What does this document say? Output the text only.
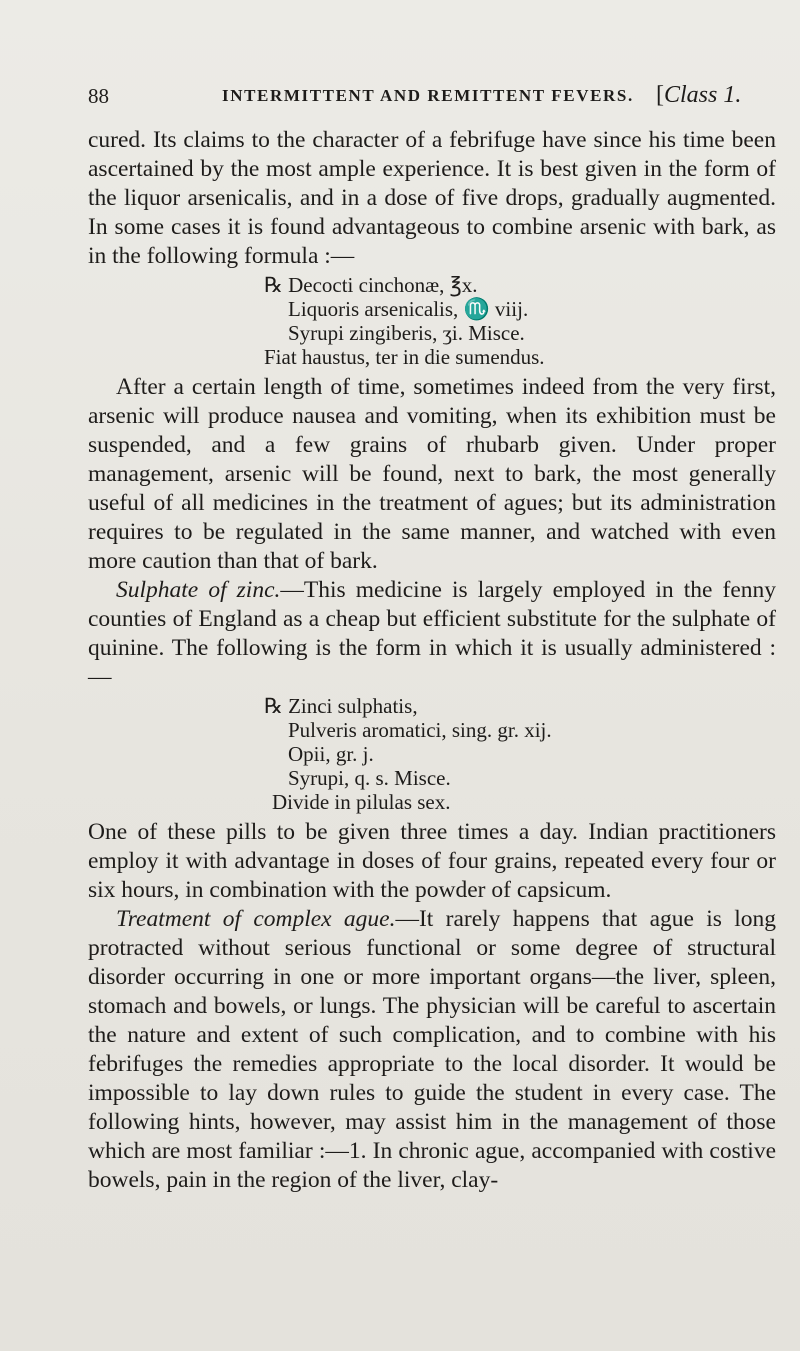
88	INTERMITTENT AND REMITTENT FEVERS. [Class 1.

cured. Its claims to the character of a febrifuge have since his time been ascertained by the most ample experience. It is best given in the form of the liquor arsenicalis, and in a dose of five drops, gradually augmented. In some cases it is found advantageous to combine arsenic with bark, as in the following formula :—

℞ Decocti cinchonæ, ℥x.
Liquoris arsenicalis, ♏ viij.
Syrupi zingiberis, ʒi. Misce.
Fiat haustus, ter in die sumendus.

After a certain length of time, sometimes indeed from the very first, arsenic will produce nausea and vomiting, when its exhibition must be suspended, and a few grains of rhubarb given. Under proper management, arsenic will be found, next to bark, the most generally useful of all medicines in the treatment of agues; but its administration requires to be regulated in the same manner, and watched with even more caution than that of bark.

Sulphate of zinc.—This medicine is largely employed in the fenny counties of England as a cheap but efficient substitute for the sulphate of quinine. The following is the form in which it is usually administered :—

℞ Zinci sulphatis,
Pulveris aromatici, sing. gr. xij.
Opii, gr. j.
Syrupi, q. s. Misce.
Divide in pilulas sex.

One of these pills to be given three times a day. Indian practitioners employ it with advantage in doses of four grains, repeated every four or six hours, in combination with the powder of capsicum.

Treatment of complex ague.—It rarely happens that ague is long protracted without serious functional or some degree of structural disorder occurring in one or more important organs—the liver, spleen, stomach and bowels, or lungs. The physician will be careful to ascertain the nature and extent of such complication, and to combine with his febrifuges the remedies appropriate to the local disorder. It would be impossible to lay down rules to guide the student in every case. The following hints, however, may assist him in the management of those which are most familiar :—1. In chronic ague, accompanied with costive bowels, pain in the region of the liver, clay-
